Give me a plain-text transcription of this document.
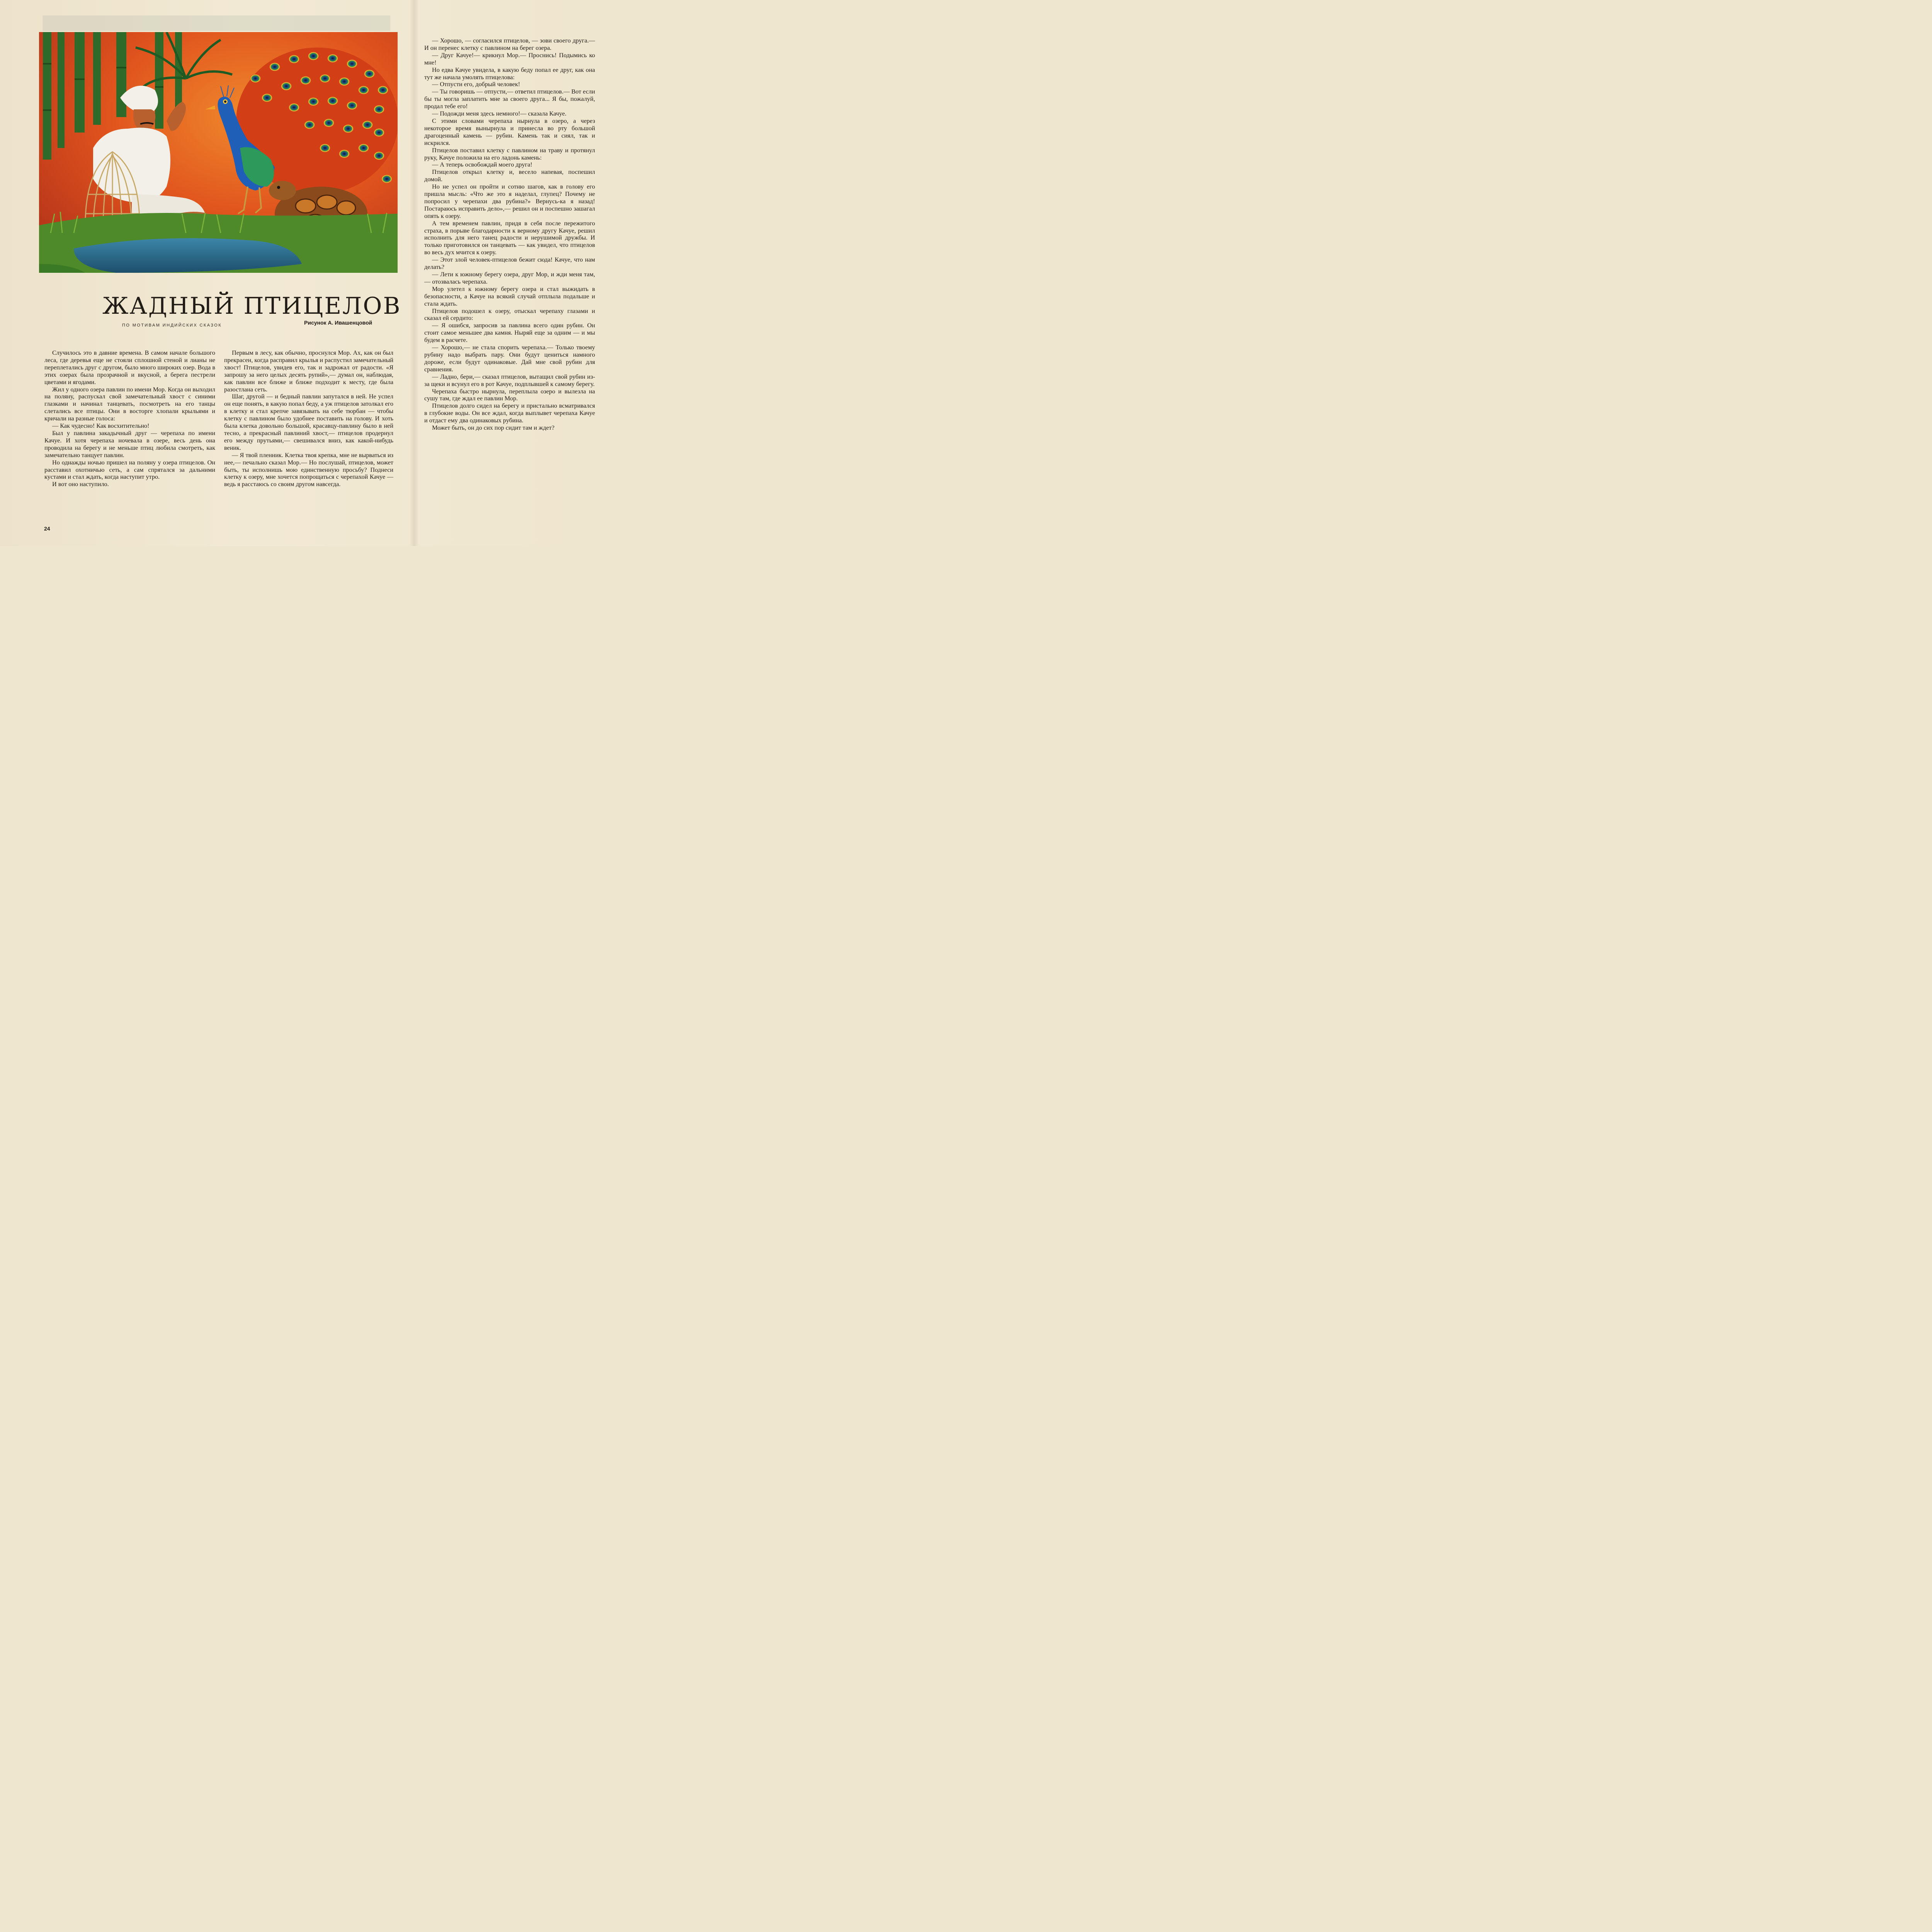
ЖАДНЫЙ ПТИЦЕЛОВ
ПО МОТИВАМ ИНДИЙСКИХ СКАЗОК	Рисунок А. Ивашенцовой

Случилось это в давние времена. В самом начале большого леса, где деревья еще не стояли сплошной стеной и лианы не переплетались друг с другом, было много широких озер. Вода в этих озерах была прозрачной и вкусной, а берега пестрели цветами и ягодами.

Жил у одного озера павлин по имени Мор. Когда он выходил на поляну, распускал свой замечательный хвост с синими глазками и начинал танцевать, посмотреть на его танцы слетались все птицы. Они в восторге хлопали крыльями и кричали на разные голоса:

— Как чудесно! Как восхитительно!

Был у павлина закадычный друг — черепаха по имени Качуе. И хотя черепаха ночевала в озере, весь день она проводила на берегу и не меньше птиц любила смотреть, как замечательно танцует павлин.

Но однажды ночью пришел на поляну у озера птицелов. Он расставил охотничью сеть, а сам спрятался за дальними кустами и стал ждать, когда наступит утро.

И вот оно наступило.

Первым в лесу, как обычно, проснулся Мор. Ах, как он был прекрасен, когда расправил крылья и распустил замечательный хвост! Птицелов, увидев его, так и задрожал от радости. «Я запрошу за него целых десять рупий»,— думал он, наблюдая, как павлин все ближе и ближе подходит к месту, где была разостлана сеть.

Шаг, другой — и бедный павлин запутался в ней. Не успел он еще понять, в какую попал беду, а уж птицелов затолкал его в клетку и стал крепче завязывать на себе тюрбан — чтобы клетку с павлином было удобнее поставить на голову. И хоть была клетка довольно большой, красавцу-павлину было в ней тесно, а прекрасный павлиний хвост,— птицелов продернул его между прутьями,— свешивался вниз, как какой-нибудь веник.

— Я твой пленник. Клетка твоя крепка, мне не вырваться из нее,— печально сказал Мор.— Но послушай, птицелов, может быть, ты исполнишь мою единственную просьбу? Поднеси клетку к озеру, мне хочется попрощаться с черепахой Качуе — ведь я расстаюсь со своим другом навсегда.

— Хорошо, — согласился птицелов, — зови своего друга.— И он перенес клетку с павлином на берег озера.

— Друг Качуе!— крикнул Мор.— Проснись! Подымись ко мне!

Но едва Качуе увидела, в какую беду попал ее друг, как она тут же начала умолять птицелова:

— Отпусти его, добрый человек!

— Ты говоришь — отпусти,— ответил птицелов.— Вот если бы ты могла заплатить мне за своего друга... Я бы, пожалуй, продал тебе его!

— Подожди меня здесь немного!— сказала Качуе.

С этими словами черепаха нырнула в озеро, а через некоторое время вынырнула и принесла во рту большой драгоценный камень — рубин. Камень так и сиял, так и искрился.

Птицелов поставил клетку с павлином на траву и протянул руку, Качуе положила на его ладонь камень:

— А теперь освобождай моего друга!

Птицелов открыл клетку и, весело напевая, поспешил домой.

Но не успел он пройти и сотню шагов, как в голову его пришла мысль: «Что же это я наделал, глупец? Почему не попросил у черепахи два рубина?» Вернусь-ка я назад! Постараюсь исправить дело»,— решил он и поспешно зашагал опять к озеру.

А тем временем павлин, придя в себя после пережитого страха, в порыве благодарности к верному другу Качуе, решил исполнить для него танец радости и нерушимой дружбы. И только приготовился он танцевать — как увидел, что птицелов во весь дух мчится к озеру.

— Этот злой человек-птицелов бежит сюда! Качуе, что нам делать?

— Лети к южному берегу озера, друг Мор, и жди меня там,— отозвалась черепаха.

Мор улетел к южному берегу озера и стал выжидать в безопасности, а Качуе на всякий случай отплыла подальше и стала ждать.

Птицелов подошел к озеру, отыскал черепаху глазами и сказал ей сердито:

— Я ошибся, запросив за павлина всего один рубин. Он стоит самое меньшее два камня. Ныряй еще за одним — и мы будем в расчете.

— Хорошо,— не стала спорить черепаха.— Только твоему рубину надо выбрать пару. Они будут цениться намного дороже, если будут одинаковые. Дай мне свой рубин для сравнения.

— Ладно, бери,— сказал птицелов, вытащил свой рубин из-за щеки и всунул его в рот Качуе, подплывшей к самому берегу.

Черепаха быстро нырнула, переплыла озеро и вылезла на сушу там, где ждал ее павлин Мор.

Птицелов долго сидел на берегу и пристально всматривался в глубокие воды. Он все ждал, когда выплывет черепаха Качуе и отдаст ему два одинаковых рубина.

Может быть, он до сих пор сидит там и ждет?

24
